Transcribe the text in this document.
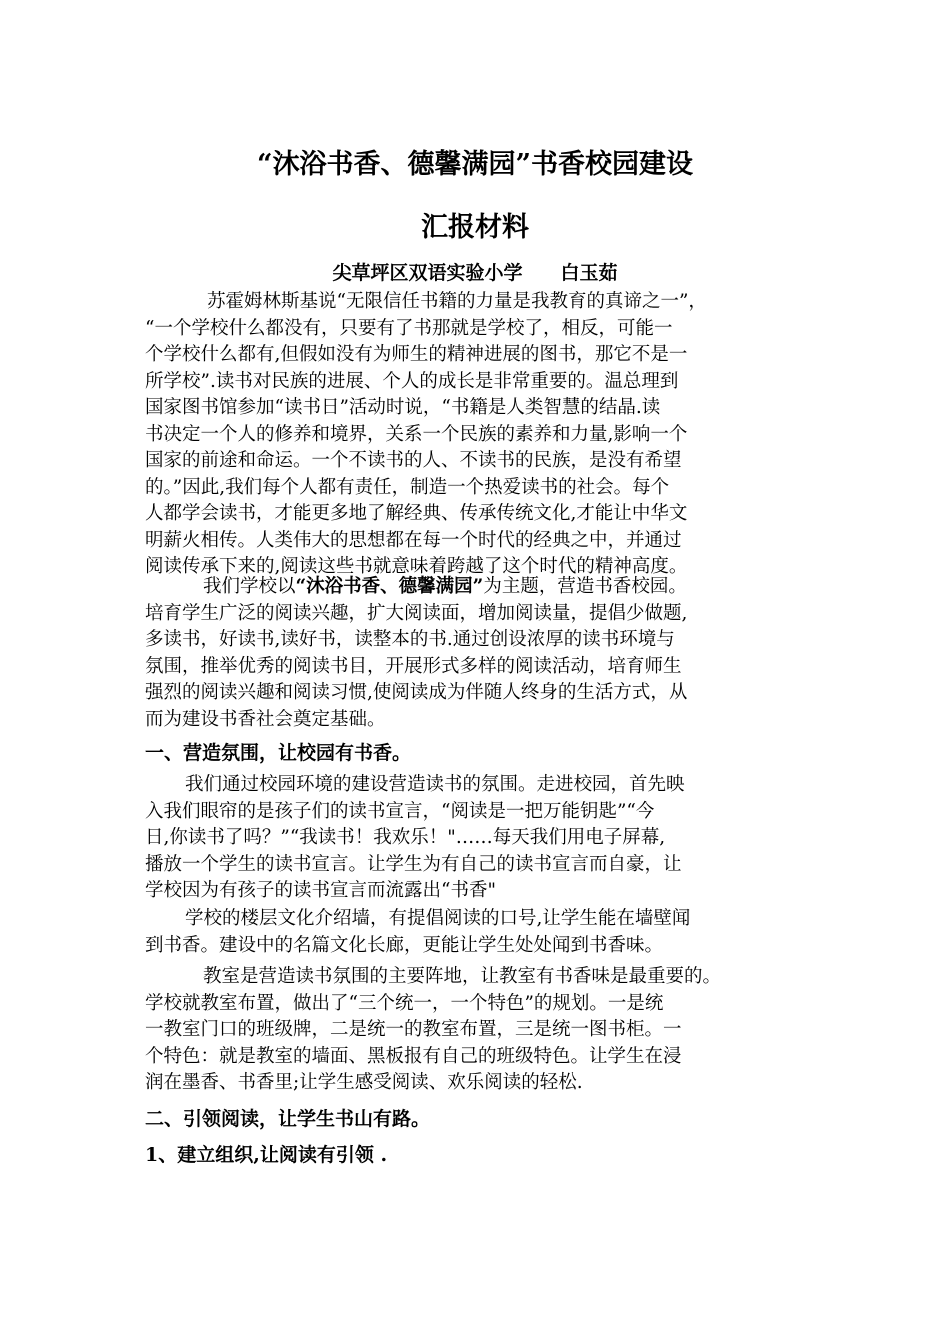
“沐浴书香、德馨满园”书香校园建设
汇报材料
尖草坪区双语实验小学 白玉茹
苏霍姆林斯基说“无限信任书籍的力量是我教育的真谛之一”，
“一个学校什么都没有，只要有了书那就是学校了，相反，可能一
个学校什么都有,但假如没有为师生的精神进展的图书，那它不是一
所学校”.读书对民族的进展、个人的成长是非常重要的。温总理到
国家图书馆参加“读书日”活动时说，“书籍是人类智慧的结晶.读
书决定一个人的修养和境界，关系一个民族的素养和力量,影响一个
国家的前途和命运。一个不读书的人、不读书的民族，是没有希望
的。”因此,我们每个人都有责任，制造一个热爱读书的社会。每个
人都学会读书，才能更多地了解经典、传承传统文化,才能让中华文
明薪火相传。人类伟大的思想都在每一个时代的经典之中，并通过
阅读传承下来的,阅读这些书就意味着跨越了这个时代的精神高度。
我们学校以“沐浴书香、德馨满园”为主题，营造书香校园。
培育学生广泛的阅读兴趣，扩大阅读面，增加阅读量，提倡少做题,
多读书，好读书,读好书，读整本的书.通过创设浓厚的读书环境与
氛围，推举优秀的阅读书目，开展形式多样的阅读活动，培育师生
强烈的阅读兴趣和阅读习惯,使阅读成为伴随人终身的生活方式，从
而为建设书香社会奠定基础。
一、营造氛围，让校园有书香。
我们通过校园环境的建设营造读书的氛围。走进校园，首先映
入我们眼帘的是孩子们的读书宣言，“阅读是一把万能钥匙”“今
日,你读书了吗？”“我读书！我欢乐！"……每天我们用电子屏幕,
播放一个学生的读书宣言。让学生为有自己的读书宣言而自豪，让
学校因为有孩子的读书宣言而流露出“书香"
学校的楼层文化介绍墙，有提倡阅读的口号,让学生能在墙壁闻
到书香。建设中的名篇文化长廊，更能让学生处处闻到书香味。
教室是营造读书氛围的主要阵地，让教室有书香味是最重要的。
学校就教室布置，做出了“三个统一，一个特色”的规划。一是统
一教室门口的班级牌，二是统一的教室布置，三是统一图书柜。一
个特色：就是教室的墙面、黑板报有自己的班级特色。让学生在浸
润在墨香、书香里;让学生感受阅读、欢乐阅读的轻松.
二、引领阅读，让学生书山有路。
1、建立组织,让阅读有引领 .
